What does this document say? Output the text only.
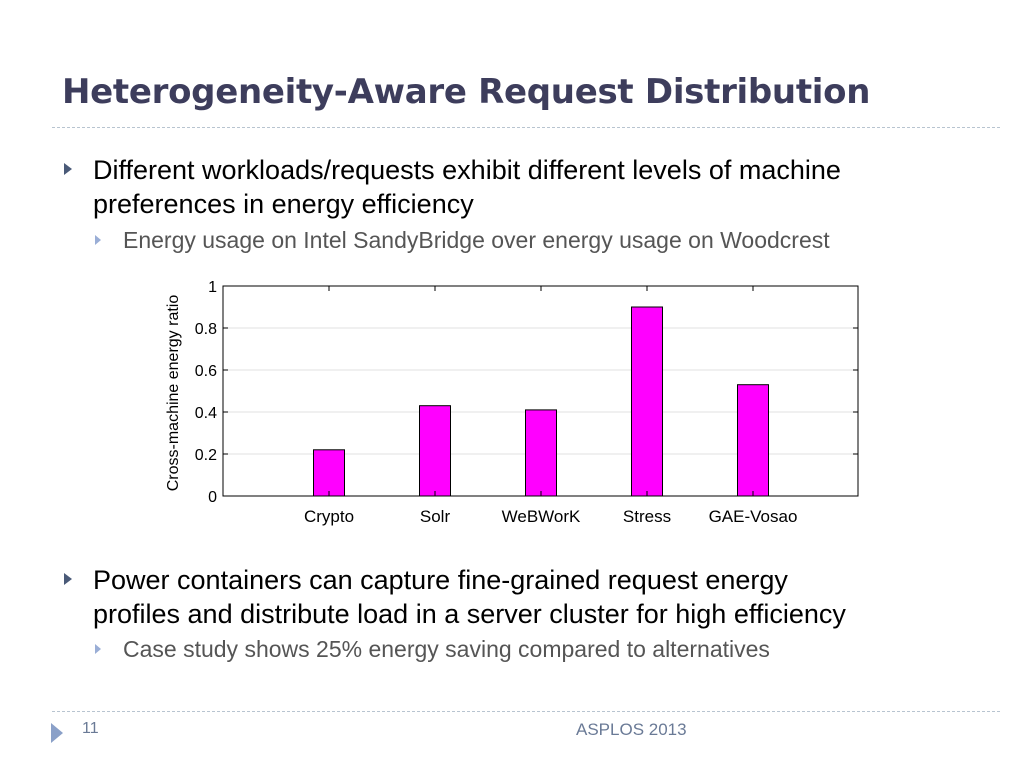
Heterogeneity-Aware Request Distribution
Different workloads/requests exhibit different levels of machine
preferences in energy efficiency
Energy usage on Intel SandyBridge over energy usage on Woodcrest
0
0.2
0.4
0.6
0.8
1
Crypto	Solr	WeBWorK	Stress GAE-Vosao
Cross-machine energy ratio
Power containers can capture fine-grained request energy
profiles and distribute load in a server cluster for high efficiency
Case study shows 25% energy saving compared to alternatives
11	ASPLOS 2013
